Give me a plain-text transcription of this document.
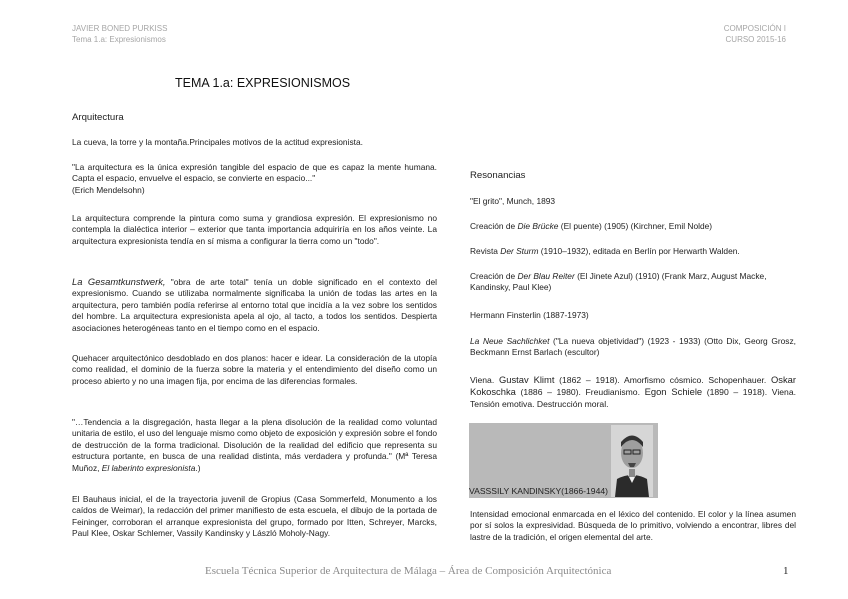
JAVIER BONED PURKISS
Tema 1.a: Expresionismos
COMPOSICIÓN I
CURSO 2015-16
TEMA 1.a: EXPRESIONISMOS
Arquitectura
La cueva, la torre y la montaña.Principales motivos de la actitud expresionista.
"La arquitectura es la única expresión tangible del espacio de que es capaz la mente humana. Capta el espacio, envuelve el espacio, se convierte en espacio..."
(Erich Mendelsohn)
La arquitectura comprende la pintura como suma y grandiosa expresión. El expresionismo no contempla la dialéctica interior – exterior que tanta importancia adquiriría en los años veinte. La arquitectura expresionista tendía en sí misma a configurar la tierra como un "todo".
La Gesamtkunstwerk, "obra de arte total" tenía un doble significado en el contexto del expresionismo. Cuando se utilizaba normalmente significaba la unión de todas las artes en la arquitectura, pero también podía referirse al entorno total que incidía a la vez sobre los sentidos del hombre. La arquitectura expresionista apela al ojo, al tacto, a todos los sentidos. Despierta asociaciones heterogéneas tanto en el tiempo como en el espacio.
Quehacer arquitectónico desdoblado en dos planos: hacer e idear. La consideración de la utopía como realidad, el dominio de la fuerza sobre la materia y el entendimiento del diseño como un proceso abierto y no una imagen fija, por encima de las diferencias formales.
"…Tendencia a la disgregación, hasta llegar a la plena disolución de la realidad como voluntad unitaria de estilo, el uso del lenguaje mismo como objeto de exposición y expresión sobre el fondo de destrucción de la forma tradicional. Disolución de la realidad del edificio que representa su estructura portante, en busca de una realidad distinta, más verdadera y profunda." (Mª Teresa Muñoz, El laberinto expresionista.)
El Bauhaus inicial, el de la trayectoria juvenil de Gropius (Casa Sommerfeld, Monumento a los caídos de Weimar), la redacción del primer manifiesto de esta escuela, el dibujo de la portada de Feininger, corroboran el arranque expresionista del grupo, formado por Itten, Schreyer, Marcks, Paul Klee, Oskar Schlemer, Vassily Kandinsky y László Moholy-Nagy.
Resonancias
"El grito", Munch, 1893
Creación de Die Brücke (El puente) (1905) (Kirchner, Emil Nolde)
Revista Der Sturm (1910–1932), editada en Berlín por Herwarth Walden.
Creación de Der Blau Reiter (El Jinete Azul) (1910) (Frank Marz, August Macke, Kandinsky, Paul Klee)
Hermann Finsterlin (1887-1973)
La Neue Sachlichket ("La nueva objetividad") (1923 - 1933) (Otto Dix, Georg Grosz, Beckmann Ernst Barlach (escultor)
Viena. Gustav Klimt (1862 – 1918). Amorfismo cósmico. Schopenhauer. Oskar Kokoschka (1886 – 1980). Freudianismo. Egon Schiele (1890 – 1918). Viena. Tensión emotiva. Destrucción moral.
VASSSILY KANDINSKY(1866-1944)
Intensidad emocional enmarcada en el léxico del contenido. El color y la línea asumen por sí solos la expresividad. Búsqueda de lo primitivo, volviendo a encontrar, libres del lastre de la tradición, el origen elemental del arte.
Escuela Técnica Superior de Arquitectura de Málaga – Área de Composición Arquitectónica	1
